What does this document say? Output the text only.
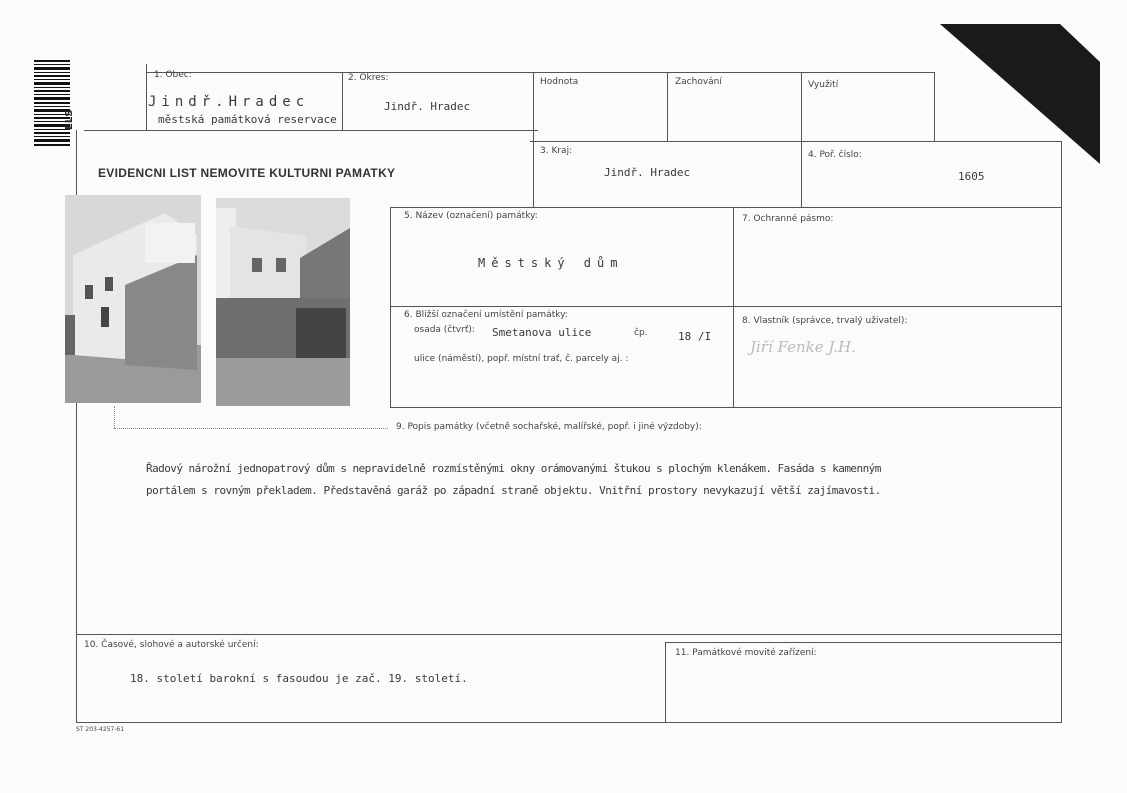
ELS
1. Obec:
Jindř.Hradec
městská památková reservace
2. Okres:
Jindř. Hradec
Hodnota	Zachování	Využití
EVIDENCNI LIST NEMOVITE KULTURNI PAMATKY
3. Kraj:
Jindř. Hradec
4. Poř. číslo:
1605
5. Název (označení) památky:
Městský dům
7. Ochranné pásmo:
6. Bližší označení umístění památky:
osada (čtvrť): Smetanova ulice	čp.	18 /I
ulice (náměstí), popř. místní trať, č. parcely aj. :
8. Vlastník (správce, trvalý uživatel):
Jiří Fenke J.H.
9. Popis památky (včetně sochařské, malířské, popř. i jiné výzdoby):
Řadový nárožní jednopatrový dům s nepravidelně rozmístěnými okny orámovanými štukou s plochým klenákem. Fasáda s kamenným
portálem s rovným překladem. Představěná garáž po západní straně objektu. Vnitřní prostory nevykazují větší zajímavosti.
10. Časové, slohové a autorské určení:
18. století barokní s fasoudou je zač. 19. století.
11. Památkové movité zařízení:
ST 203-4257-61
